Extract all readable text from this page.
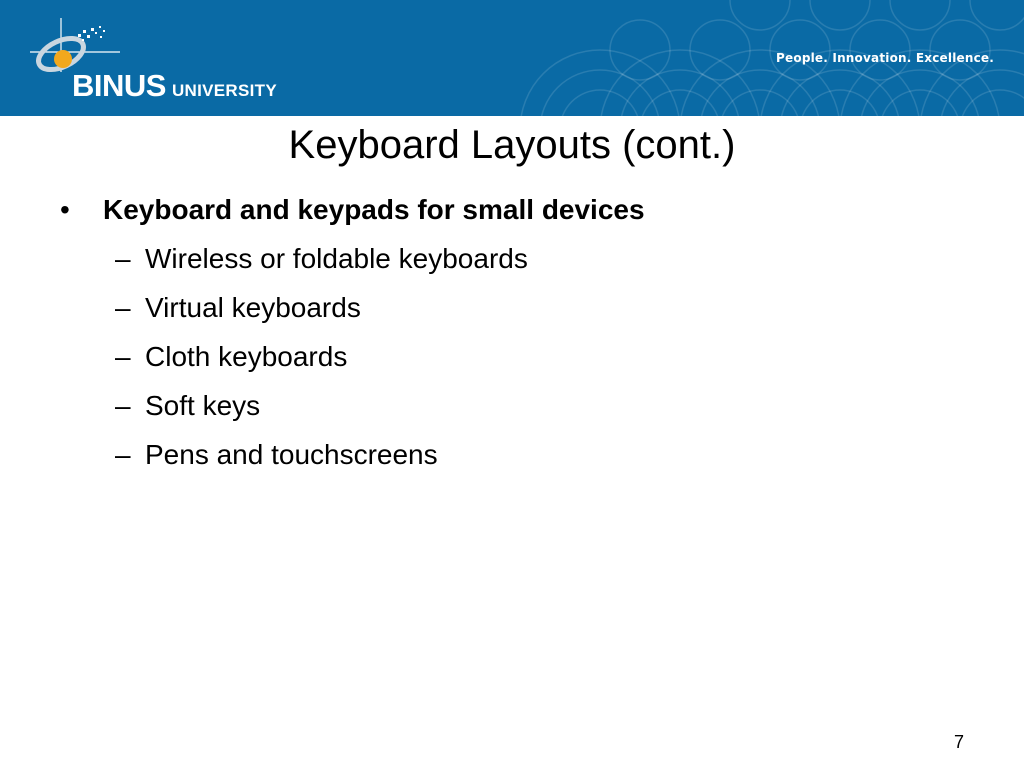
BINUS UNIVERSITY
People. Innovation. Excellence.
Keyboard Layouts (cont.)
• Keyboard and keypads for small devices
– Wireless or foldable keyboards
– Virtual keyboards
– Cloth keyboards
– Soft keys
– Pens and touchscreens
7
